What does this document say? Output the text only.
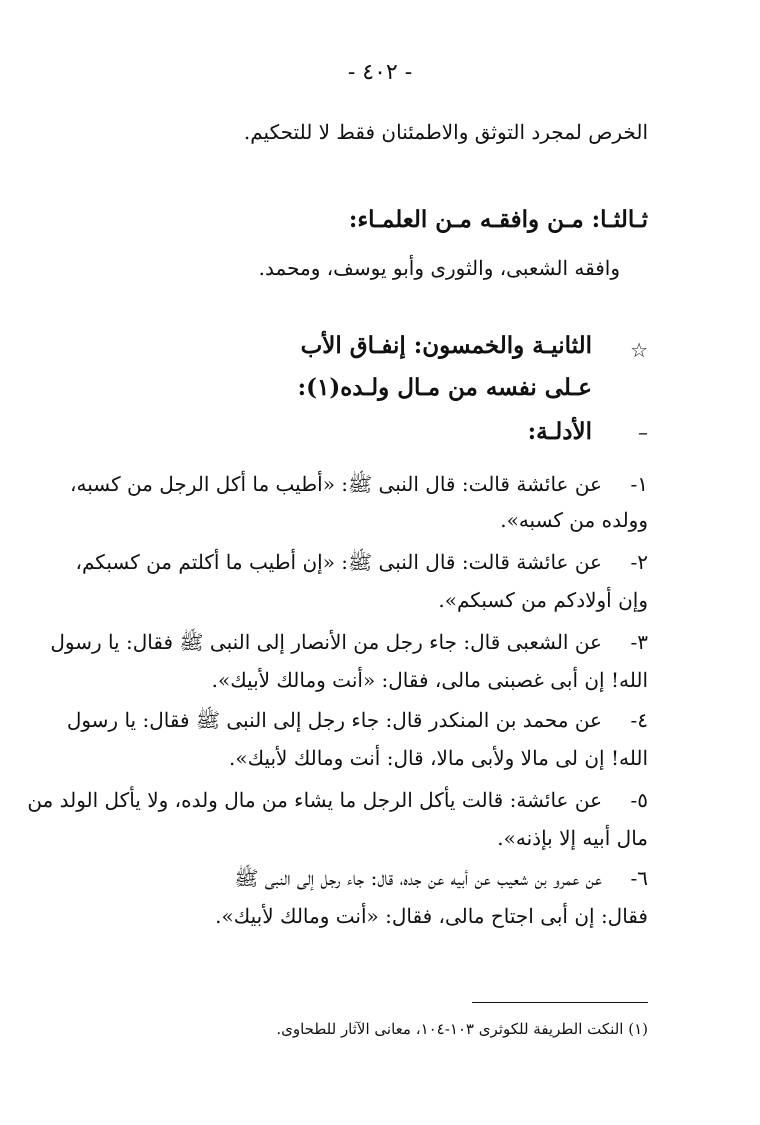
- ٤٠٢ -
الخرص لمجرد التوثق والاطمئنان فقط لا للتحكيم.
ثـالثـا: مـن وافقـه مـن العلمـاء:
وافقه الشعبى، والثورى وأبو يوسف، ومحمد.
☆
الثانيـة والخمسون: إنفـاق الأب
عـلى نفسه من مـال ولـده(١):
–
الأدلـة:
١-
عن عائشة قالت: قال النبى ﷺ: «أطيب ما أكل الرجل من كسبه،
وولده من كسبه».
٢-
عن عائشة قالت: قال النبى ﷺ: «إن أطيب ما أكلتم من كسبكم،
وإن أولادكم من كسبكم».
٣-
عن الشعبى قال: جاء رجل من الأنصار إلى النبى ﷺ فقال: يا رسول
الله! إن أبى غصبنى مالى، فقال: «أنت ومالك لأبيك».
٤-
عن محمد بن المنكدر قال: جاء رجل إلى النبى ﷺ فقال: يا رسول
الله! إن لى مالا ولأبى مالا، قال: أنت ومالك لأبيك».
٥-
عن عائشة: قالت يأكل الرجل ما يشاء من مال ولده، ولا يأكل الولد من
مال أبيه إلا بإذنه».
٦-
عن عمرو بن شعيب عن أبيه عن جده، قال: جاء رجل إلى النبى ﷺ
فقال: إن أبى اجتاح مالى، فقال: «أنت ومالك لأبيك».
(١) النكت الطريفة للكوثرى ١٠٣-١٠٤، معانى الآثار للطحاوى.
